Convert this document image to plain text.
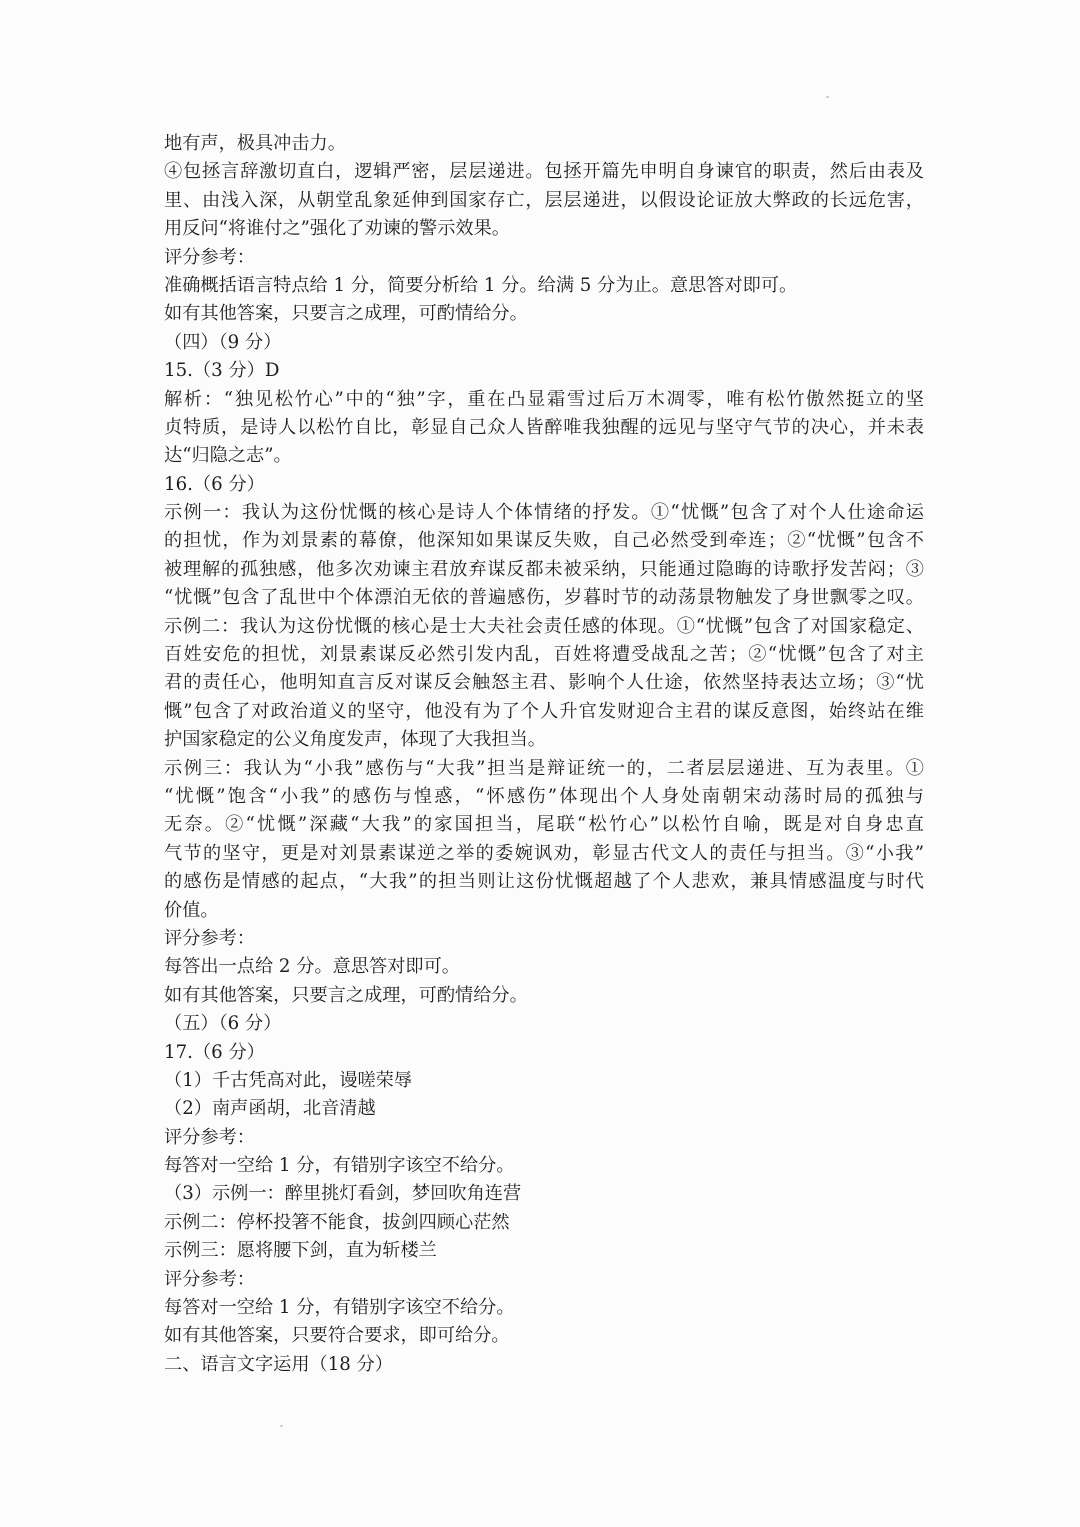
地有声，极具冲击力。
④包拯言辞激切直白，逻辑严密，层层递进。包拯开篇先申明自身谏官的职责，然后由表及
里、由浅入深，从朝堂乱象延伸到国家存亡，层层递进，以假设论证放大弊政的长远危害，
用反问“将谁付之”强化了劝谏的警示效果。
评分参考：
准确概括语言特点给 1 分，简要分析给 1 分。给满 5 分为止。意思答对即可。
如有其他答案，只要言之成理，可酌情给分。
（四）（9 分）
15.（3 分）D
解析：“独见松竹心”中的“独”字，重在凸显霜雪过后万木凋零，唯有松竹傲然挺立的坚
贞特质，是诗人以松竹自比，彰显自己众人皆醉唯我独醒的远见与坚守气节的决心，并未表
达“归隐之志”。
16.（6 分）
示例一：我认为这份忧慨的核心是诗人个体情绪的抒发。①“忧慨”包含了对个人仕途命运
的担忧，作为刘景素的幕僚，他深知如果谋反失败，自己必然受到牵连；②“忧慨”包含不
被理解的孤独感，他多次劝谏主君放弃谋反都未被采纳，只能通过隐晦的诗歌抒发苦闷；③
“忧慨”包含了乱世中个体漂泊无依的普遍感伤，岁暮时节的动荡景物触发了身世飘零之叹。
示例二：我认为这份忧慨的核心是士大夫社会责任感的体现。①“忧慨”包含了对国家稳定、
百姓安危的担忧，刘景素谋反必然引发内乱，百姓将遭受战乱之苦；②“忧慨”包含了对主
君的责任心，他明知直言反对谋反会触怒主君、影响个人仕途，依然坚持表达立场；③“忧
慨”包含了对政治道义的坚守，他没有为了个人升官发财迎合主君的谋反意图，始终站在维
护国家稳定的公义角度发声，体现了大我担当。
示例三：我认为“小我”感伤与“大我”担当是辩证统一的，二者层层递进、互为表里。①
“忧慨”饱含“小我”的感伤与惶惑，“怀感伤”体现出个人身处南朝宋动荡时局的孤独与
无奈。②“忧慨”深藏“大我”的家国担当，尾联“松竹心”以松竹自喻，既是对自身忠直
气节的坚守，更是对刘景素谋逆之举的委婉讽劝，彰显古代文人的责任与担当。③“小我”
的感伤是情感的起点，“大我”的担当则让这份忧慨超越了个人悲欢，兼具情感温度与时代
价值。
评分参考：
每答出一点给 2 分。意思答对即可。
如有其他答案，只要言之成理，可酌情给分。
（五）（6 分）
17.（6 分）
（1）千古凭高对此，谩嗟荣辱
（2）南声函胡，北音清越
评分参考：
每答对一空给 1 分，有错别字该空不给分。
（3）示例一：醉里挑灯看剑，梦回吹角连营
示例二：停杯投箸不能食，拔剑四顾心茫然
示例三：愿将腰下剑，直为斩楼兰
评分参考：
每答对一空给 1 分，有错别字该空不给分。
如有其他答案，只要符合要求，即可给分。
二、语言文字运用（18 分）
